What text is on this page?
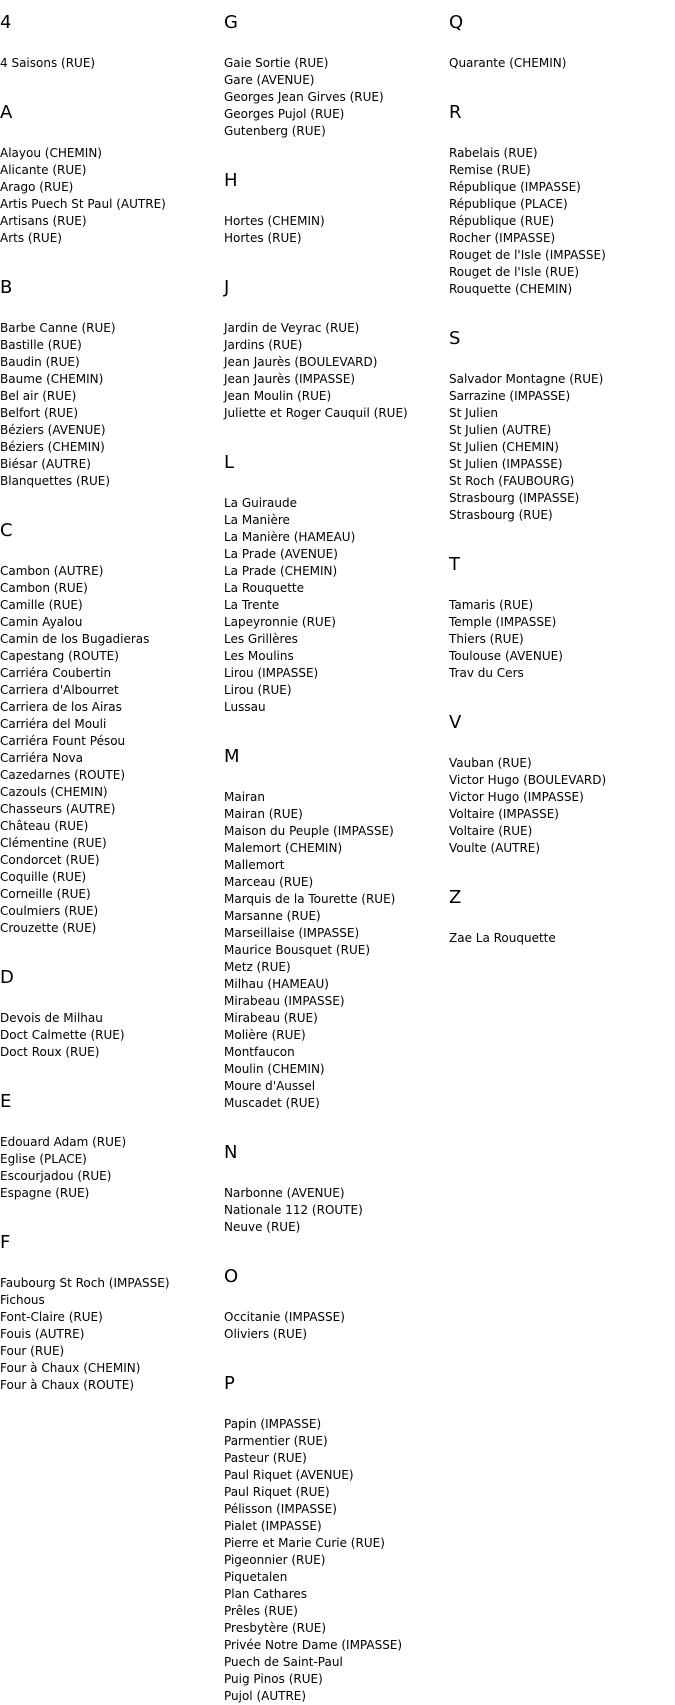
4
4 Saisons (RUE)
A
Alayou (CHEMIN)
Alicante (RUE)
Arago (RUE)
Artis Puech St Paul (AUTRE)
Artisans (RUE)
Arts (RUE)
B
Barbe Canne (RUE)
Bastille (RUE)
Baudin (RUE)
Baume (CHEMIN)
Bel air (RUE)
Belfort (RUE)
Béziers (AVENUE)
Béziers (CHEMIN)
Biésar (AUTRE)
Blanquettes (RUE)
C
Cambon (AUTRE)
Cambon (RUE)
Camille (RUE)
Camin Ayalou
Camin de los Bugadieras
Capestang (ROUTE)
Carriéra Coubertin
Carriera d'Albourret
Carriera de los Airas
Carriéra del Mouli
Carriéra Fount Pésou
Carriéra Nova
Cazedarnes (ROUTE)
Cazouls (CHEMIN)
Chasseurs (AUTRE)
Château (RUE)
Clémentine (RUE)
Condorcet (RUE)
Coquille (RUE)
Corneille (RUE)
Coulmiers (RUE)
Crouzette (RUE)
D
Devois de Milhau
Doct Calmette (RUE)
Doct Roux (RUE)
E
Edouard Adam (RUE)
Eglise (PLACE)
Escourjadou (RUE)
Espagne (RUE)
F
Faubourg St Roch (IMPASSE)
Fichous
Font-Claire (RUE)
Fouis (AUTRE)
Four (RUE)
Four à Chaux (CHEMIN)
Four à Chaux (ROUTE)
G
Gaie Sortie (RUE)
Gare (AVENUE)
Georges Jean Girves (RUE)
Georges Pujol (RUE)
Gutenberg (RUE)
H
Hortes (CHEMIN)
Hortes (RUE)
J
Jardin de Veyrac (RUE)
Jardins (RUE)
Jean Jaurès (BOULEVARD)
Jean Jaurès (IMPASSE)
Jean Moulin (RUE)
Juliette et Roger Cauquil (RUE)
L
La Guiraude
La Manière
La Manière (HAMEAU)
La Prade (AVENUE)
La Prade (CHEMIN)
La Rouquette
La Trente
Lapeyronnie (RUE)
Les Grillères
Les Moulins
Lirou (IMPASSE)
Lirou (RUE)
Lussau
M
Mairan
Mairan (RUE)
Maison du Peuple (IMPASSE)
Malemort (CHEMIN)
Mallemort
Marceau (RUE)
Marquis de la Tourette (RUE)
Marsanne (RUE)
Marseillaise (IMPASSE)
Maurice Bousquet (RUE)
Metz (RUE)
Milhau (HAMEAU)
Mirabeau (IMPASSE)
Mirabeau (RUE)
Molière (RUE)
Montfaucon
Moulin (CHEMIN)
Moure d'Aussel
Muscadet (RUE)
N
Narbonne (AVENUE)
Nationale 112 (ROUTE)
Neuve (RUE)
O
Occitanie (IMPASSE)
Oliviers (RUE)
P
Papin (IMPASSE)
Parmentier (RUE)
Pasteur (RUE)
Paul Riquet (AVENUE)
Paul Riquet (RUE)
Pélisson (IMPASSE)
Pialet (IMPASSE)
Pierre et Marie Curie (RUE)
Pigeonnier (RUE)
Piquetalen
Plan Cathares
Prêles (RUE)
Presbytère (RUE)
Privée Notre Dame (IMPASSE)
Puech de Saint-Paul
Puig Pinos (RUE)
Pujol (AUTRE)
Q
Quarante (CHEMIN)
R
Rabelais (RUE)
Remise (RUE)
République (IMPASSE)
République (PLACE)
République (RUE)
Rocher (IMPASSE)
Rouget de l'Isle (IMPASSE)
Rouget de l'Isle (RUE)
Rouquette (CHEMIN)
S
Salvador Montagne (RUE)
Sarrazine (IMPASSE)
St Julien
St Julien (AUTRE)
St Julien (CHEMIN)
St Julien (IMPASSE)
St Roch (FAUBOURG)
Strasbourg (IMPASSE)
Strasbourg (RUE)
T
Tamaris (RUE)
Temple (IMPASSE)
Thiers (RUE)
Toulouse (AVENUE)
Trav du Cers
V
Vauban (RUE)
Victor Hugo (BOULEVARD)
Victor Hugo (IMPASSE)
Voltaire (IMPASSE)
Voltaire (RUE)
Voulte (AUTRE)
Z
Zae La Rouquette
